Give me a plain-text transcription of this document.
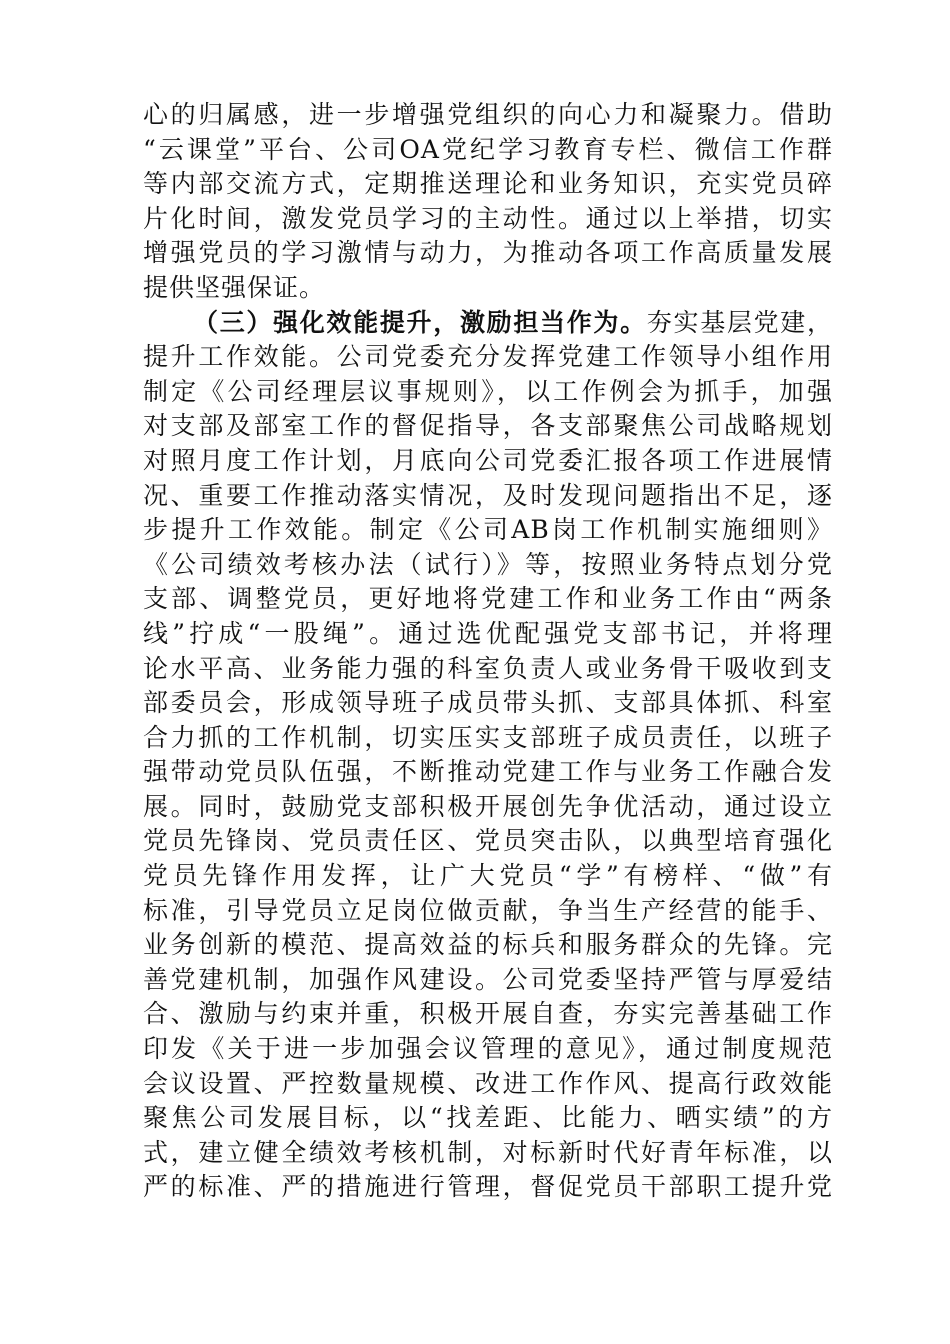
心的归属感，进一步增强党组织的向心力和凝聚力。借助
“云课堂”平台、公司OA党纪学习教育专栏、微信工作群
等内部交流方式，定期推送理论和业务知识，充实党员碎
片化时间，激发党员学习的主动性。通过以上举措，切实
增强党员的学习激情与动力，为推动各项工作高质量发展
提供坚强保证。
（三）强化效能提升，激励担当作为。夯实基层党建，
提升工作效能。公司党委充分发挥党建工作领导小组作用
制定《公司经理层议事规则》，以工作例会为抓手，加强
对支部及部室工作的督促指导，各支部聚焦公司战略规划
对照月度工作计划，月底向公司党委汇报各项工作进展情
况、重要工作推动落实情况，及时发现问题指出不足，逐
步提升工作效能。制定《公司AB岗工作机制实施细则》
《公司绩效考核办法（试行）》等，按照业务特点划分党
支部、调整党员，更好地将党建工作和业务工作由“两条
线”拧成“一股绳”。通过选优配强党支部书记，并将理
论水平高、业务能力强的科室负责人或业务骨干吸收到支
部委员会，形成领导班子成员带头抓、支部具体抓、科室
合力抓的工作机制，切实压实支部班子成员责任，以班子
强带动党员队伍强，不断推动党建工作与业务工作融合发
展。同时，鼓励党支部积极开展创先争优活动，通过设立
党员先锋岗、党员责任区、党员突击队，以典型培育强化
党员先锋作用发挥，让广大党员“学”有榜样、“做”有
标准，引导党员立足岗位做贡献，争当生产经营的能手、
业务创新的模范、提高效益的标兵和服务群众的先锋。完
善党建机制，加强作风建设。公司党委坚持严管与厚爱结
合、激励与约束并重，积极开展自查，夯实完善基础工作
印发《关于进一步加强会议管理的意见》，通过制度规范
会议设置、严控数量规模、改进工作作风、提高行政效能
聚焦公司发展目标，以“找差距、比能力、晒实绩”的方
式，建立健全绩效考核机制，对标新时代好青年标准，以
严的标准、严的措施进行管理，督促党员干部职工提升党
